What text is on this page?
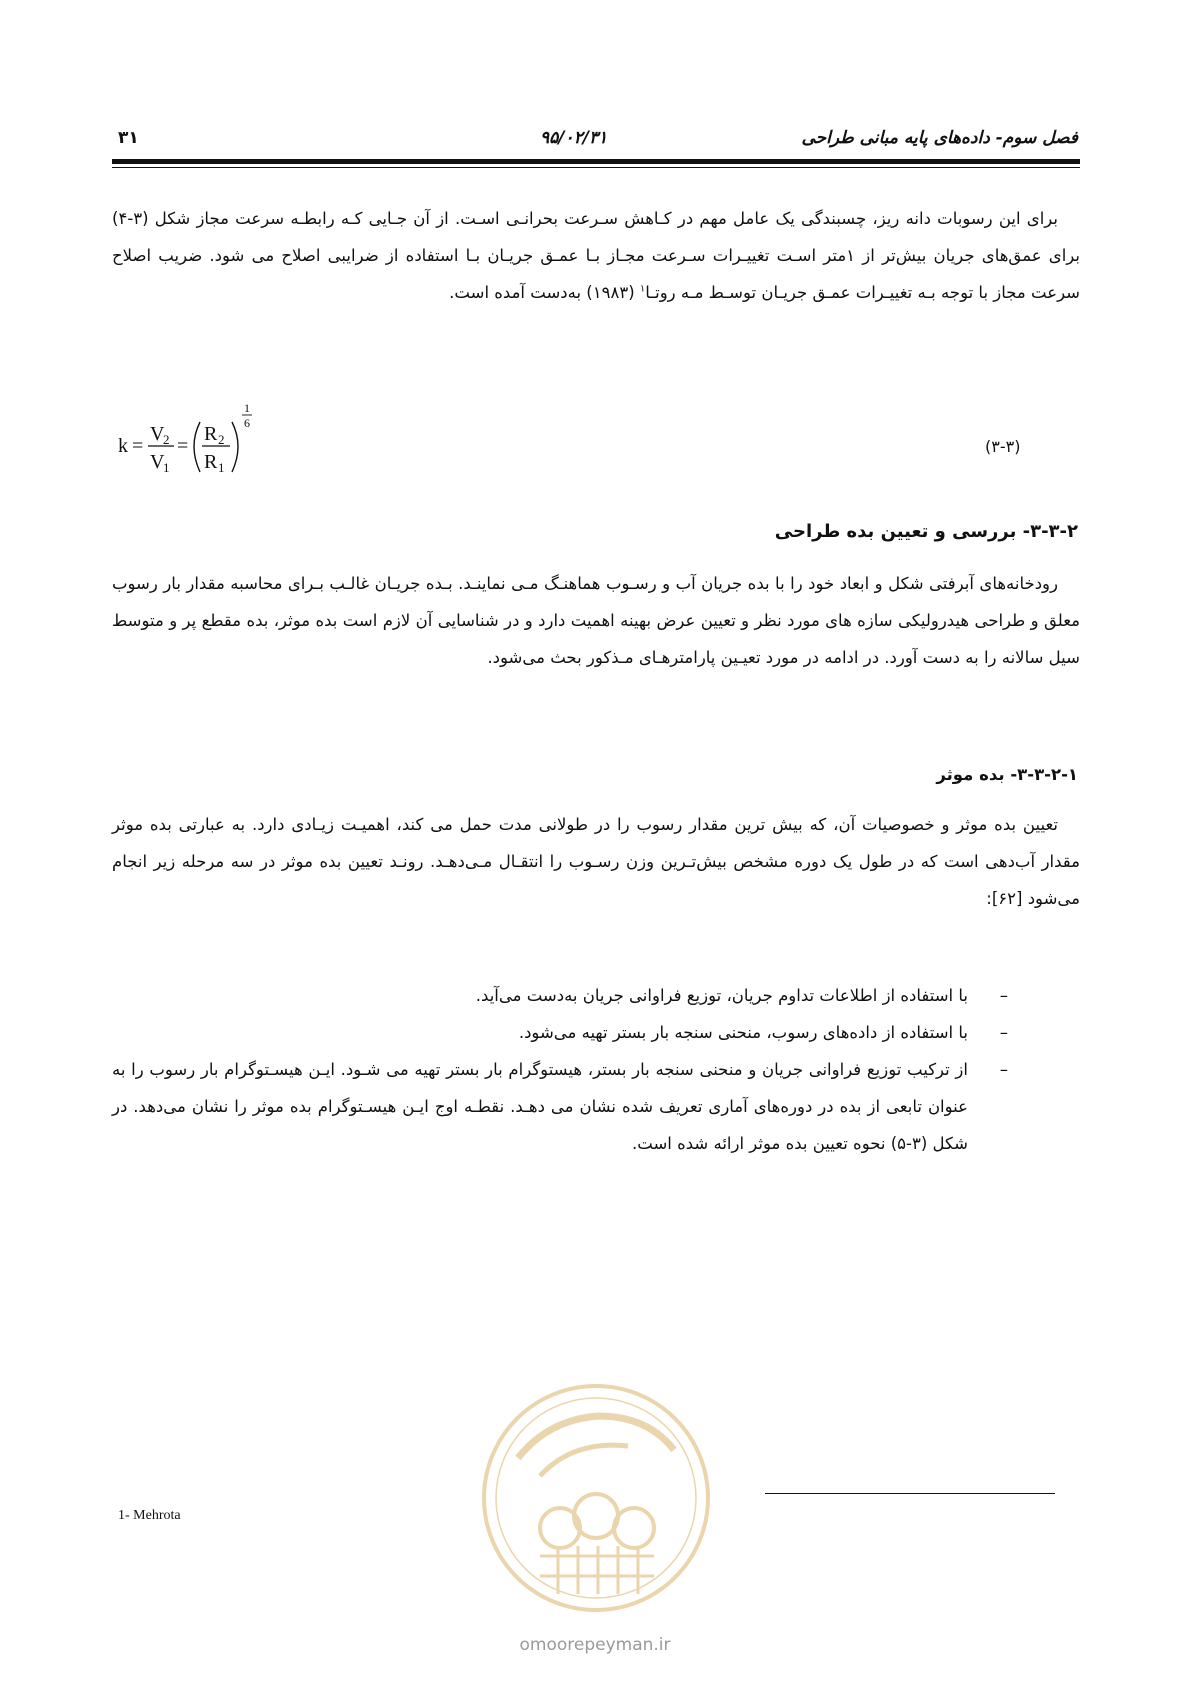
فصل سوم- داده‌های پایه مبانی طراحی
۹۵/۰۲/۳۱
۳۱
برای این رسوبات دانه ریز، چسبندگی یک عامل مهم در کـاهش سـرعت بحرانـی اسـت. از آن جـایی کـه رابطـه سرعت مجاز شکل (۳-۴) برای عمق‌های جریان بیش‌تر از ۱متر اسـت تغییـرات سـرعت مجـاز بـا عمـق جریـان بـا استفاده از ضرایبی اصلاح می شود. ضریب اصلاح سرعت مجاز با توجه بـه تغییـرات عمـق جریـان توسـط مـه روتـا$^۱$ (۱۹۸۳) به‌دست آمده است.
k =
V
2
V
1
=
R 2
R 1
1
6
(۳-۳)
۳-۳-۲- بررسی و تعیین بده طراحی
رودخانه‌های آبرفتی شکل و ابعاد خود را با بده جریان آب و رسـوب هماهنـگ مـی نماینـد. بـده جریـان غالـب بـرای محاسبه مقدار بار رسوب معلق و طراحی هیدرولیکی سازه های مورد نظر و تعیین عرض بهینه اهمیت دارد و در شناسایی آن لازم است بده موثر، بده مقطع پر و متوسط سیل سالانه را به دست آورد. در ادامه در مورد تعیـین پارامترهـای مـذکور بحث می‌شود.
۳-۳-۲-۱- بده موثر
تعیین بده موثر و خصوصیات آن، که بیش ترین مقدار رسوب را در طولانی مدت حمل می کند، اهمیـت زیـادی دارد. به عبارتی بده موثر مقدار آب‌دهی است که در طول یک دوره مشخص بیش‌تـرین وزن رسـوب را انتقـال مـی‌دهـد. رونـد تعیین بده موثر در سه مرحله زیر انجام می‌شود [۶۲]:
–
با استفاده از اطلاعات تداوم جریان، توزیع فراوانی جریان به‌دست می‌آید.
–
با استفاده از داده‌های رسوب، منحنی سنجه بار بستر تهیه می‌شود.
–
از ترکیب توزیع فراوانی جریان و منحنی سنجه بار بستر، هیستوگرام بار بستر تهیه می شـود. ایـن هیسـتوگرام بار رسوب را به عنوان تابعی از بده در دوره‌های آماری تعریف شده نشان می دهـد. نقطـه اوج ایـن هیسـتوگرام بده موثر را نشان می‌دهد. در شکل (۳-۵) نحوه تعیین بده موثر ارائه شده است.
1- Mehrota
omoorepeyman.ir
